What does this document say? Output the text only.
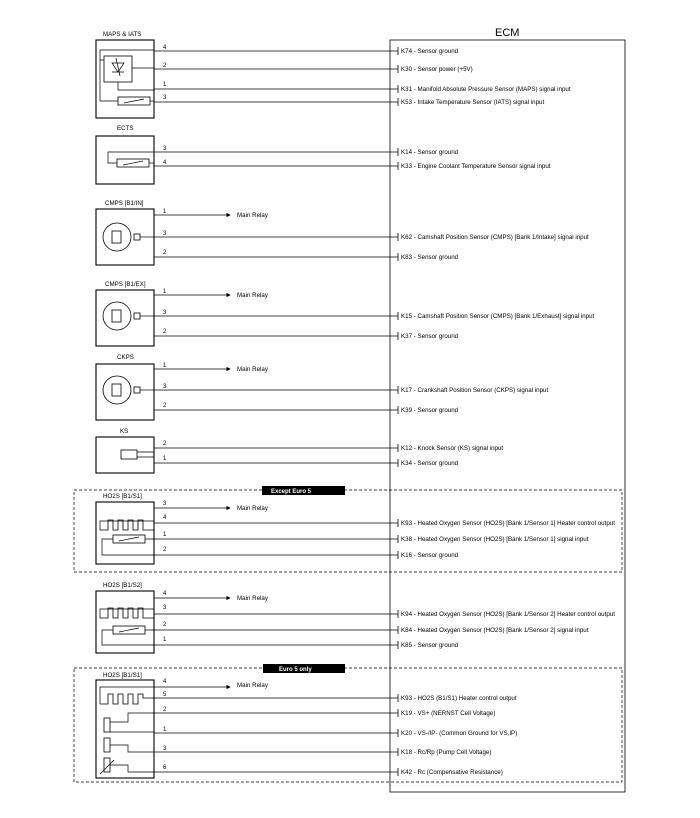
ECM
MAPS & IATS
4
2
1
3
K74 - Sensor ground
K30 - Sensor power (+5V)
K31 - Manifold Absolute Pressure Sensor (MAPS) signal input
K53 - Intake Temperature Sensor (IATS) signal input
ECTS
3
4
K14 - Sensor ground
K33 - Engine Coolant Temperature Sensor signal input
CMPS [B1/IN]
Main Relay
1
3
2
K62 - Camshaft Position Sensor (CMPS) [Bank 1/Intake] signal input
K83 - Sensor ground
CMPS [B1/EX]
Main Relay
1
3
2
K15 - Camshaft Position Sensor (CMPS) [Bank 1/Exhaust] signal input
K37 - Sensor ground
CKPS
Main Relay
1
3
2
K17 - Crankshaft Position Sensor (CKPS) signal input
K39 - Sensor ground
KS
2
1
K12 - Knock Sensor (KS) signal input
K34 - Sensor ground
Except Euro 5
HO2S [B1/S1]
Main Relay
3
4
1
2
K93 - Heated Oxygen Sensor (HO2S) [Bank 1/Sensor 1] Heater control output
K38 - Heated Oxygen Sensor (HO2S) [Bank 1/Sensor 1] signal input
K16 - Sensor ground
HO2S [B1/S2]
Main Relay
4
3
2
1
K94 - Heated Oxygen Sensor (HO2S) [Bank 1/Sensor 2] Heater control output
K84 - Heated Oxygen Sensor (HO2S) [Bank 1/Sensor 2] signal input
K85 - Sensor ground
Euro 5 only
HO2S [B1/S1]
Main Relay
4
5
2
1
3
6
K93 - HO2S (B1/S1) Heater control output
K19 - VS+ (NERNST Cell Voltage)
K20 - VS-/IP- (Common Ground for VS,IP)
K18 - Rc/Rp (Pump Cell Voltage)
K42 - Rc (Compensative Resistance)
